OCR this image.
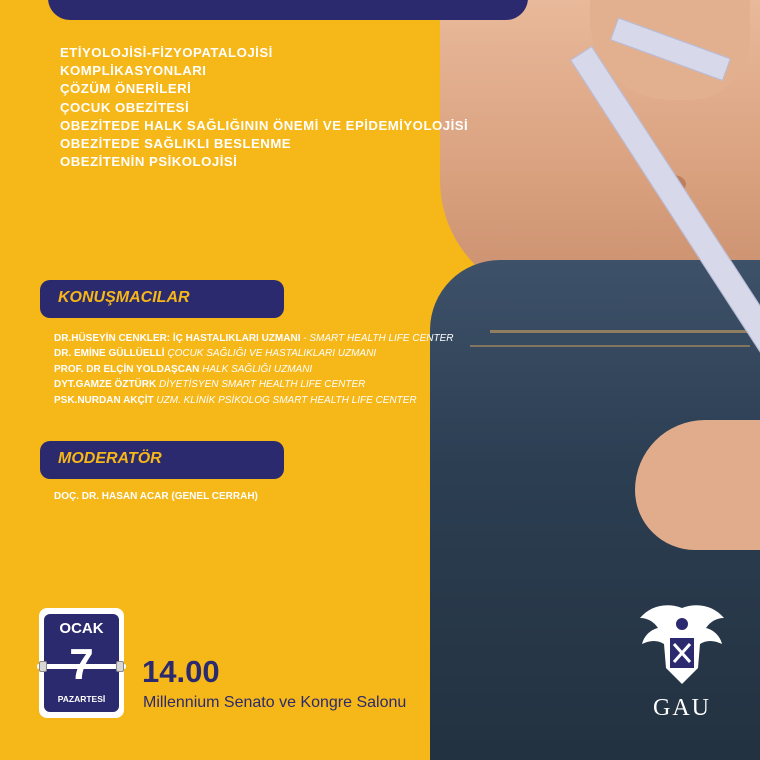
ETİYOLOJİSİ-FİZYOPATALOJİSİ
KOMPLİKASYONLARI
ÇÖZÜM ÖNERİLERİ
ÇOCUK OBEZİTESİ
OBEZİTEDE HALK SAĞLIĞININ ÖNEMİ VE EPİDEMİYOLOJİSİ
OBEZİTEDE SAĞLIKLI BESLENME
OBEZİTENİN PSİKOLOJİSİ
KONUŞMACILAR
DR.HÜSEYİN CENKLER: İÇ HASTALIKLARI UZMANI - SMART HEALTH LIFE CENTER
DR. EMİNE GÜLLÜELLİ ÇOCUK SAĞLIĞI VE HASTALIKLARI UZMANI
PROF. DR ELÇİN YOLDAŞCAN HALK SAĞLIĞI UZMANI
DYT.GAMZE ÖZTÜRK DİYETİSYEN SMART HEALTH LIFE CENTER
PSK.NURDAN AKÇİT UZM. KLİNİK PSİKOLOG SMART HEALTH LIFE CENTER
MODERATÖR
DOÇ. DR. HASAN ACAR (GENEL CERRAH)
OCAK
PAZARTESİ
14.00
Millennium Senato ve Kongre Salonu	GAU
